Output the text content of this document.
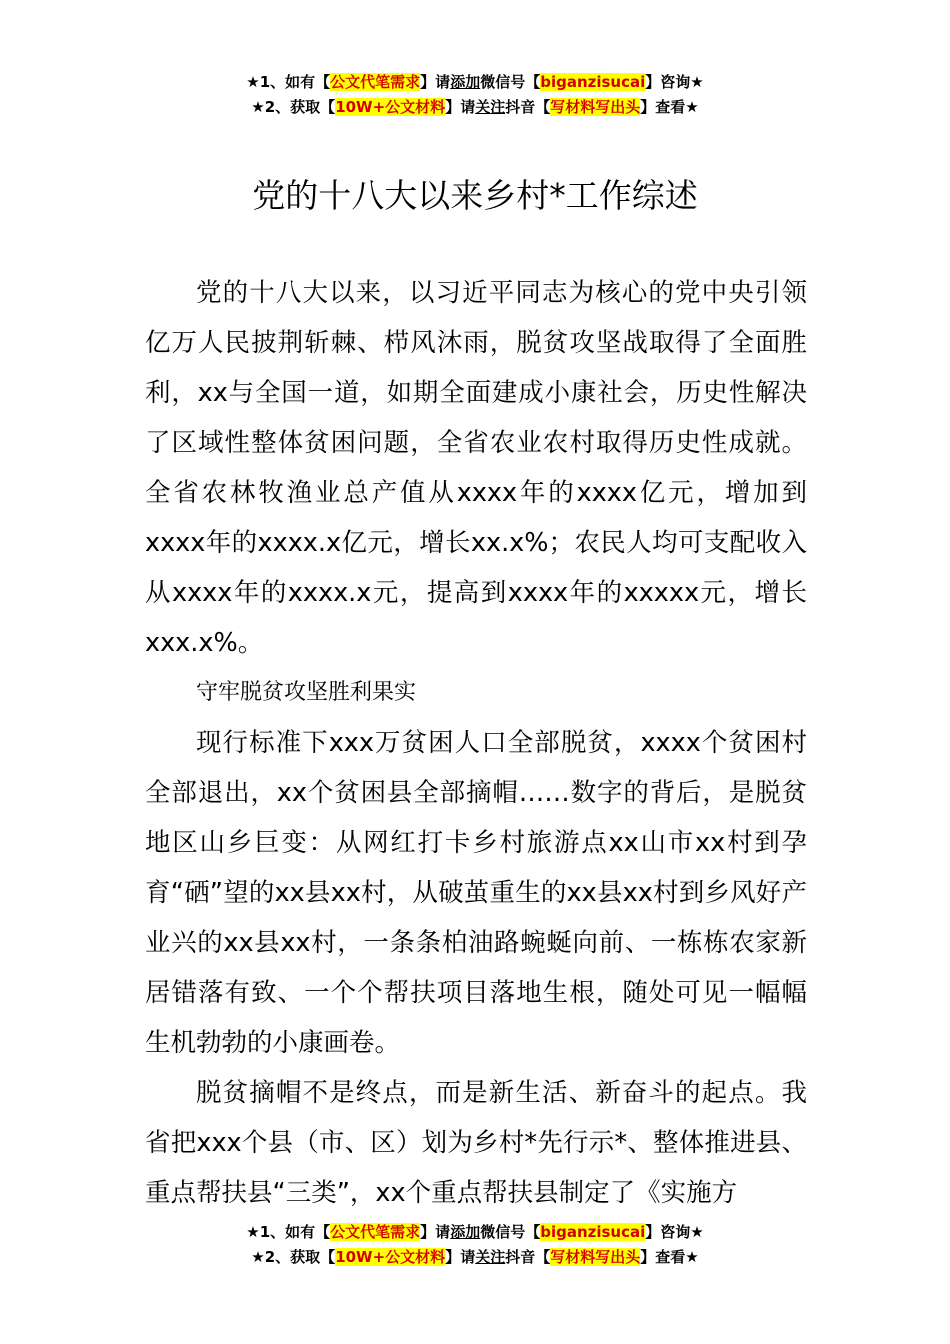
★1、如有【公文代笔需求】请添加微信号【biganzisucai】咨询★
★2、获取【10W+公文材料】请关注抖音【写材料写出头】查看★
党的十八大以来乡村*工作综述

党的十八大以来，以习近平同志为核心的党中央引领亿万人民披荆斩棘、栉风沐雨，脱贫攻坚战取得了全面胜利，xx与全国一道，如期全面建成小康社会，历史性解决了区域性整体贫困问题，全省农业农村取得历史性成就。全省农林牧渔业总产值从xxxx年的xxxx亿元，增加到xxxx年的xxxx.x亿元，增长xx.x%；农民人均可支配收入从xxxx年的xxxx.x元，提高到xxxx年的xxxxx元，增长xxx.x%。

守牢脱贫攻坚胜利果实

现行标准下xxx万贫困人口全部脱贫，xxxx个贫困村全部退出，xx个贫困县全部摘帽……数字的背后，是脱贫地区山乡巨变：从网红打卡乡村旅游点xx山市xx村到孕育“硒”望的xx县xx村，从破茧重生的xx县xx村到乡风好产业兴的xx县xx村，一条条柏油路蜿蜒向前、一栋栋农家新居错落有致、一个个帮扶项目落地生根，随处可见一幅幅生机勃勃的小康画卷。

脱贫摘帽不是终点，而是新生活、新奋斗的起点。我省把xxx个县（市、区）划为乡村*先行示*、整体推进县、重点帮扶县“三类”，xx个重点帮扶县制定了《实施方

★1、如有【公文代笔需求】请添加微信号【biganzisucai】咨询★
★2、获取【10W+公文材料】请关注抖音【写材料写出头】查看★
